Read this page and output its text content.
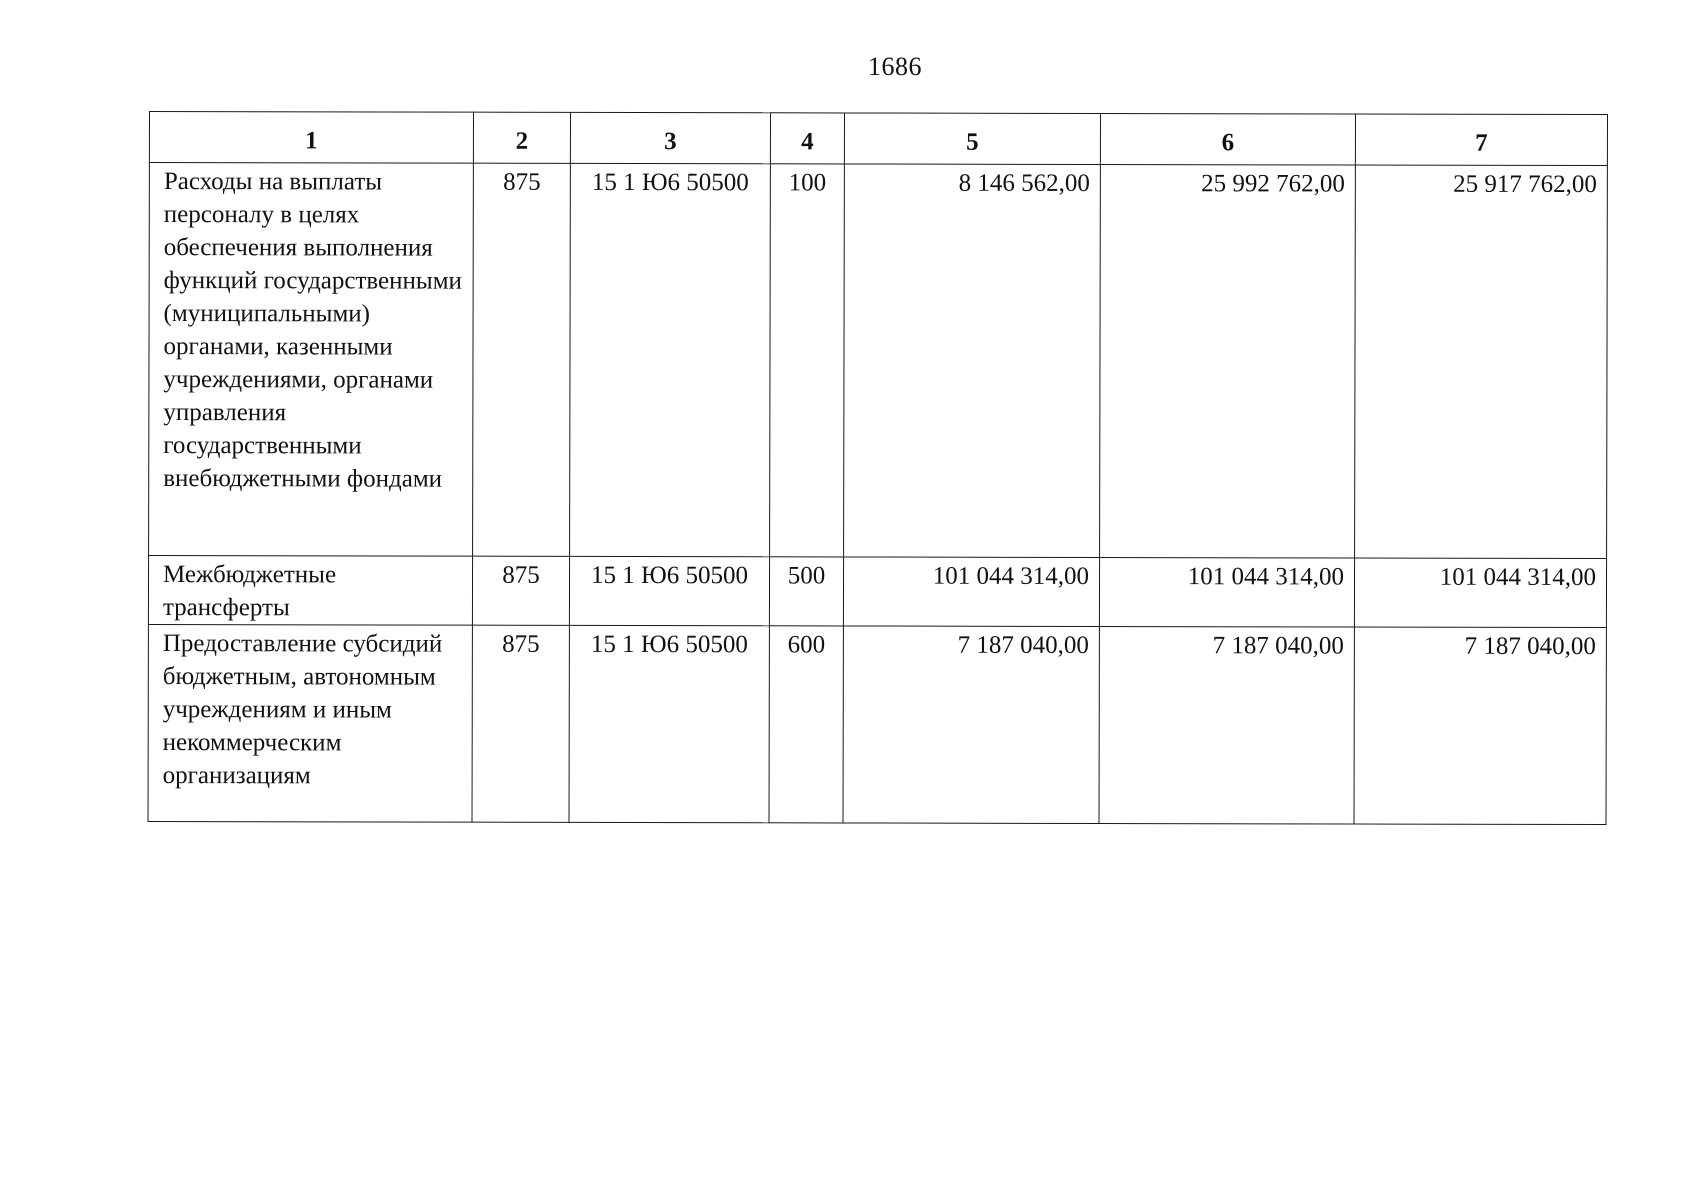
1686
1	2	3	4	5	6	7
Расходы на выплаты персоналу в целях обеспечения выполнения функций государственными (муниципальными) органами, казенными учреждениями, органами управления государственными внебюджетными фондами	875	15 1 Ю6 50500	100	8 146 562,00	25 992 762,00	25 917 762,00
Межбюджетные трансферты	875	15 1 Ю6 50500	500	101 044 314,00	101 044 314,00	101 044 314,00
Предоставление субсидий бюджетным, автономным учреждениям и иным некоммерческим организациям	875	15 1 Ю6 50500	600	7 187 040,00	7 187 040,00	7 187 040,00
